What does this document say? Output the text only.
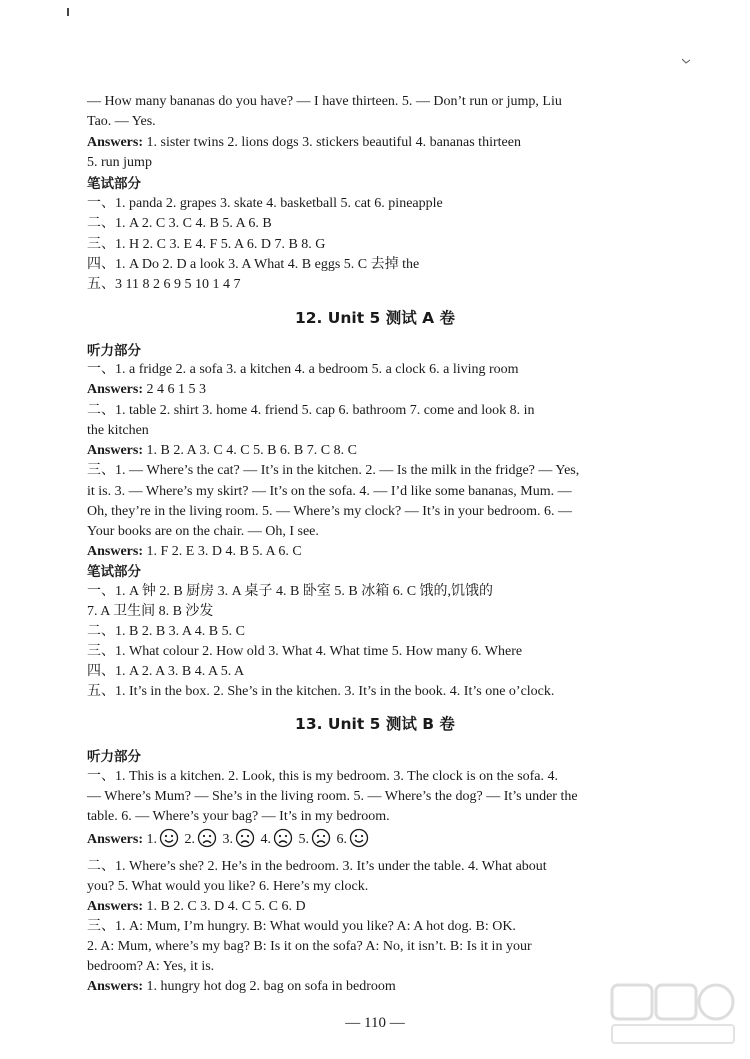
— How many bananas do you have? — I have thirteen. 5. — Don’t run or jump, Liu
Tao. — Yes.
Answers: 1. sister twins 2. lions dogs 3. stickers beautiful 4. bananas thirteen
5. run jump
笔试部分
一、1. panda 2. grapes 3. skate 4. basketball 5. cat 6. pineapple
二、1. A 2. C 3. C 4. B 5. A 6. B
三、1. H 2. C 3. E 4. F 5. A 6. D 7. B 8. G
四、1. A Do 2. D a look 3. A What 4. B eggs 5. C 去掉 the
五、3 11 8 2 6 9 5 10 1 4 7
12. Unit 5 测试 A 卷
听力部分
一、1. a fridge 2. a sofa 3. a kitchen 4. a bedroom 5. a clock 6. a living room
Answers: 2 4 6 1 5 3
二、1. table 2. shirt 3. home 4. friend 5. cap 6. bathroom 7. come and look 8. in
the kitchen
Answers: 1. B 2. A 3. C 4. C 5. B 6. B 7. C 8. C
三、1. — Where’s the cat? — It’s in the kitchen. 2. — Is the milk in the fridge? — Yes,
it is. 3. — Where’s my skirt? — It’s on the sofa. 4. — I’d like some bananas, Mum. —
Oh, they’re in the living room. 5. — Where’s my clock? — It’s in your bedroom. 6. —
Your books are on the chair. — Oh, I see.
Answers: 1. F 2. E 3. D 4. B 5. A 6. C
笔试部分
一、1. A 钟 2. B 厨房 3. A 桌子 4. B 卧室 5. B 冰箱 6. C 饿的,饥饿的
7. A 卫生间 8. B 沙发
二、1. B 2. B 3. A 4. B 5. C
三、1. What colour 2. How old 3. What 4. What time 5. How many 6. Where
四、1. A 2. A 3. B 4. A 5. A
五、1. It’s in the box. 2. She’s in the kitchen. 3. It’s in the book. 4. It’s one o’clock.
13. Unit 5 测试 B 卷
听力部分
一、1. This is a kitchen. 2. Look, this is my bedroom. 3. The clock is on the sofa. 4.
— Where’s Mum? — She’s in the living room. 5. — Where’s the dog? — It’s under the
table. 6. — Where’s your bag? — It’s in my bedroom.
Answers: 1. 2. 3. 4. 5. 6.
二、1. Where’s she? 2. He’s in the bedroom. 3. It’s under the table. 4. What about
you? 5. What would you like? 6. Here’s my clock.
Answers: 1. B 2. C 3. D 4. C 5. C 6. D
三、1. A: Mum, I’m hungry. B: What would you like? A: A hot dog. B: OK.
2. A: Mum, where’s my bag? B: Is it on the sofa? A: No, it isn’t. B: Is it in your
bedroom? A: Yes, it is.
Answers: 1. hungry hot dog 2. bag on sofa in bedroom
— 110 —
